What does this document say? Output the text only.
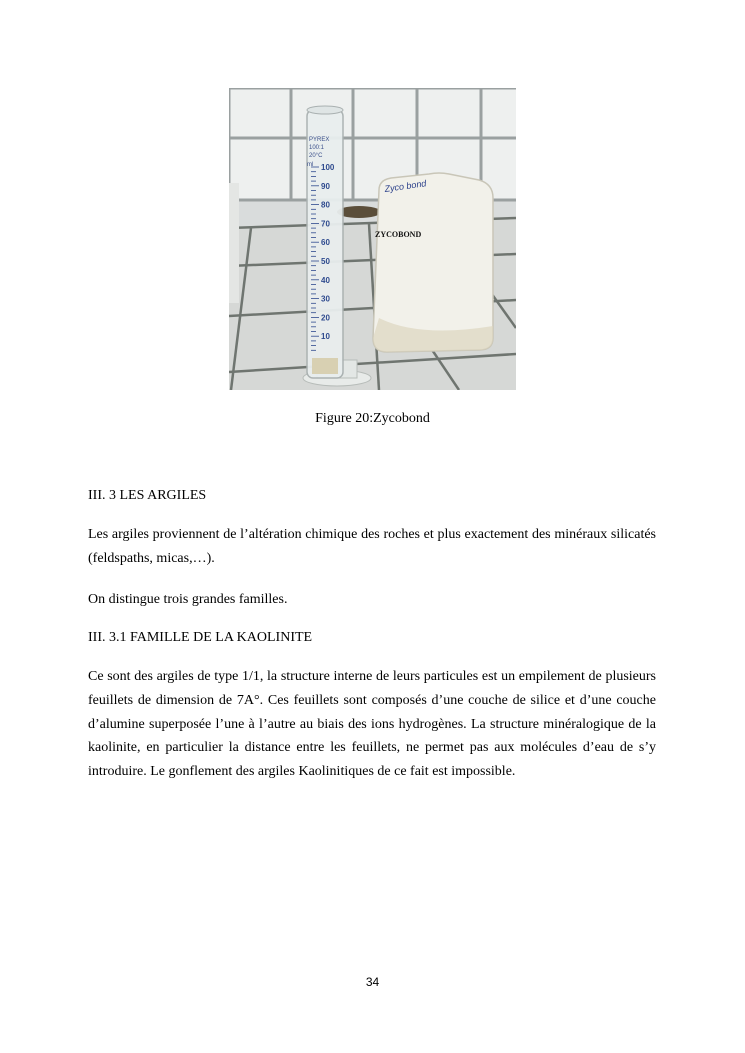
Zyco bond
ZYCOBOND
PYREX
100:1
20°C
ml 100
90
80
70
60
50
40
30
20
10
Figure 20:Zycobond
III. 3 LES ARGILES

Les argiles proviennent de l’altération chimique des roches et plus exactement des minéraux silicatés (feldspaths, micas,…).

On distingue trois grandes familles.

III. 3.1 FAMILLE DE LA KAOLINITE

Ce sont des argiles de type 1/1, la structure interne de leurs particules est un empilement de plusieurs feuillets de dimension de 7A°. Ces feuillets sont composés d’une couche de silice et d’une couche d’alumine superposée l’une à l’autre au biais des ions hydrogènes. La structure minéralogique de la kaolinite, en particulier la distance entre les feuillets, ne permet pas aux molécules d’eau de s’y introduire. Le gonflement des argiles Kaolinitiques de ce fait est impossible.

34
